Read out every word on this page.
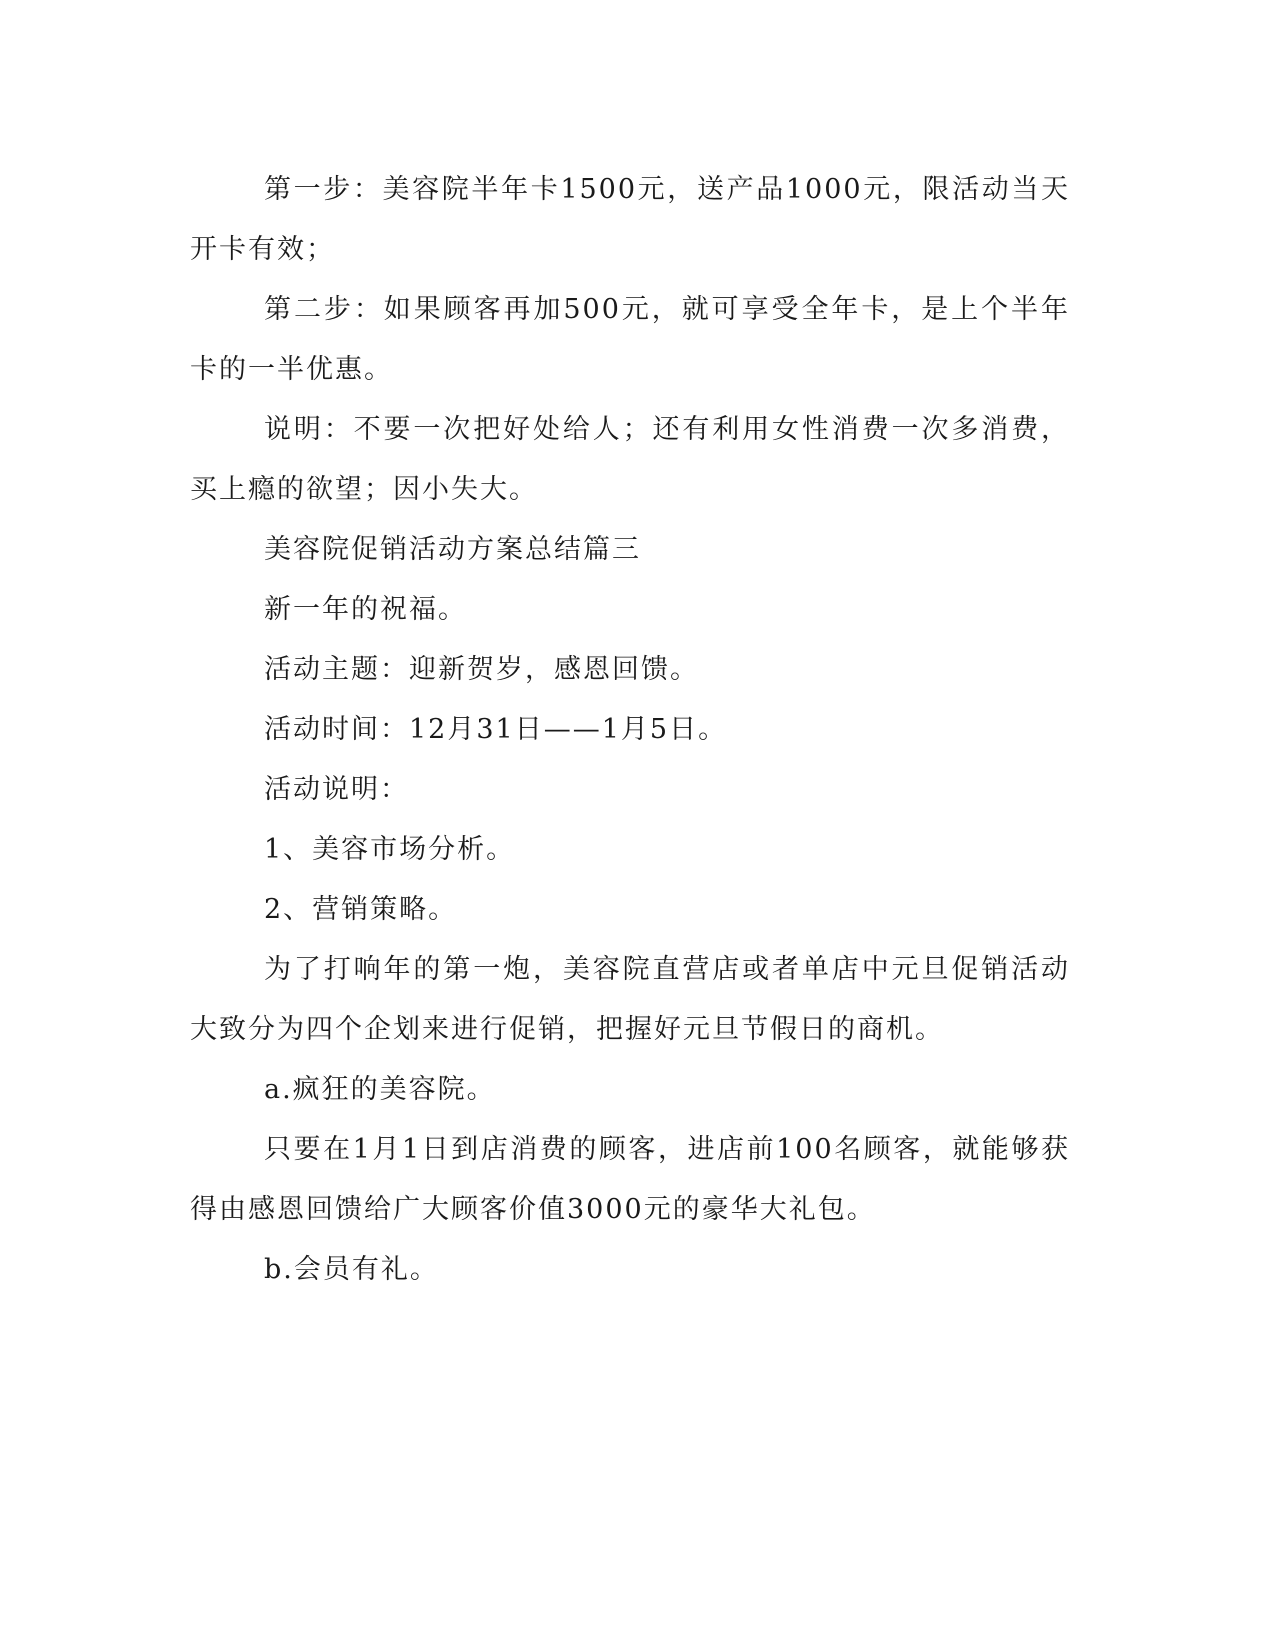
第一步：美容院半年卡1500元，送产品1000元，限活动当天开卡有效；

第二步：如果顾客再加500元，就可享受全年卡，是上个半年卡的一半优惠。

说明：不要一次把好处给人；还有利用女性消费一次多消费，买上瘾的欲望；因小失大。

美容院促销活动方案总结篇三

新一年的祝福。

活动主题：迎新贺岁，感恩回馈。

活动时间：12月31日——1月5日。

活动说明：

1、美容市场分析。

2、营销策略。

为了打响年的第一炮，美容院直营店或者单店中元旦促销活动大致分为四个企划来进行促销，把握好元旦节假日的商机。

a.疯狂的美容院。

只要在1月1日到店消费的顾客，进店前100名顾客，就能够获得由感恩回馈给广大顾客价值3000元的豪华大礼包。

b.会员有礼。
